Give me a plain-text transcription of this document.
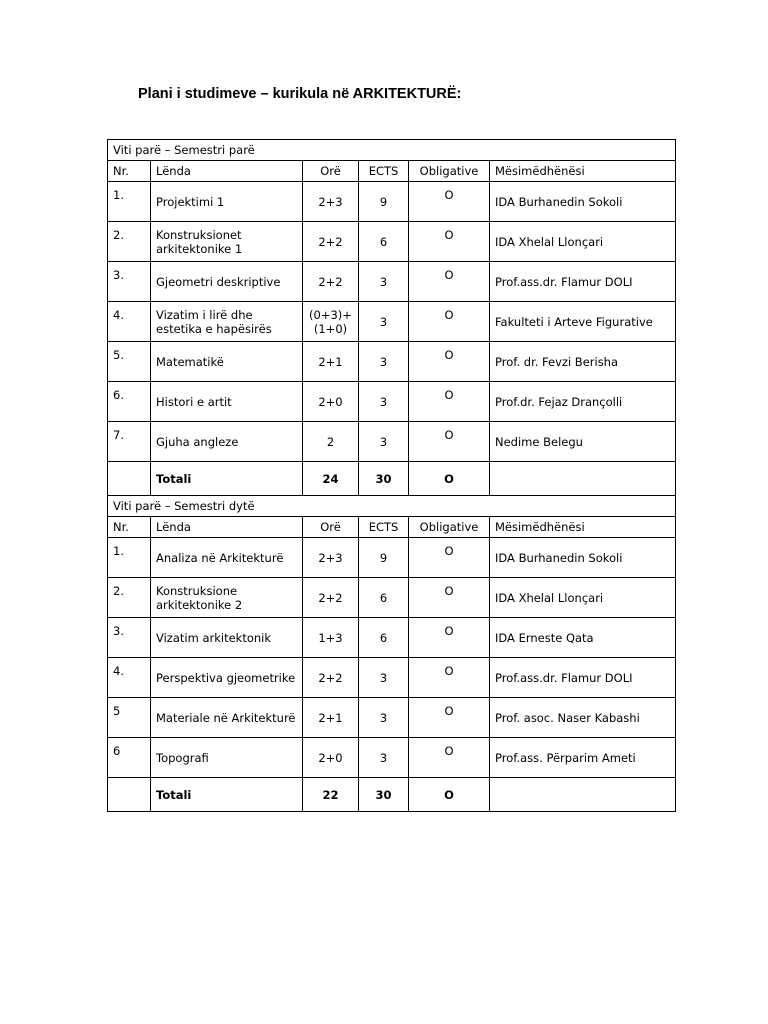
Plani i studimeve – kurikula në ARKITEKTURË:
Viti parë – Semestri parë					
Nr.	Lënda	Orë	ECTS	Obligative	Mësimëdhënësi
1.	Projektimi 1	2+3	9	O	IDA Burhanedin Sokoli
2.	Konstruksionet arkitektonike 1	2+2	6	O	IDA Xhelal Llonçari
3.	Gjeometri deskriptive	2+2	3	O	Prof.ass.dr. Flamur DOLI
4.	Vizatim i lirë dhe estetika e hapësirës	(0+3)+ (1+0)	3	O	Fakulteti i Arteve Figurative
5.	Matematikë	2+1	3	O	Prof. dr. Fevzi Berisha
6.	Histori e artit	2+0	3	O	Prof.dr. Fejaz Drançolli
7.	Gjuha angleze	2	3	O	Nedime Belegu
	Totali	24	30	O	
Viti parë – Semestri dytë					
Nr.	Lënda	Orë	ECTS	Obligative	Mësimëdhënësi
1.	Analiza në Arkitekturë	2+3	9	O	IDA Burhanedin Sokoli
2.	Konstruksione arkitektonike 2	2+2	6	O	IDA Xhelal Llonçari
3.	Vizatim arkitektonik	1+3	6	O	IDA Erneste Qata
4.	Perspektiva gjeometrike	2+2	3	O	Prof.ass.dr. Flamur DOLI
5	Materiale në Arkitekturë	2+1	3	O	Prof. asoc. Naser Kabashi
6	Topografi	2+0	3	O	Prof.ass. Përparim Ameti
	Totali	22	30	O	
